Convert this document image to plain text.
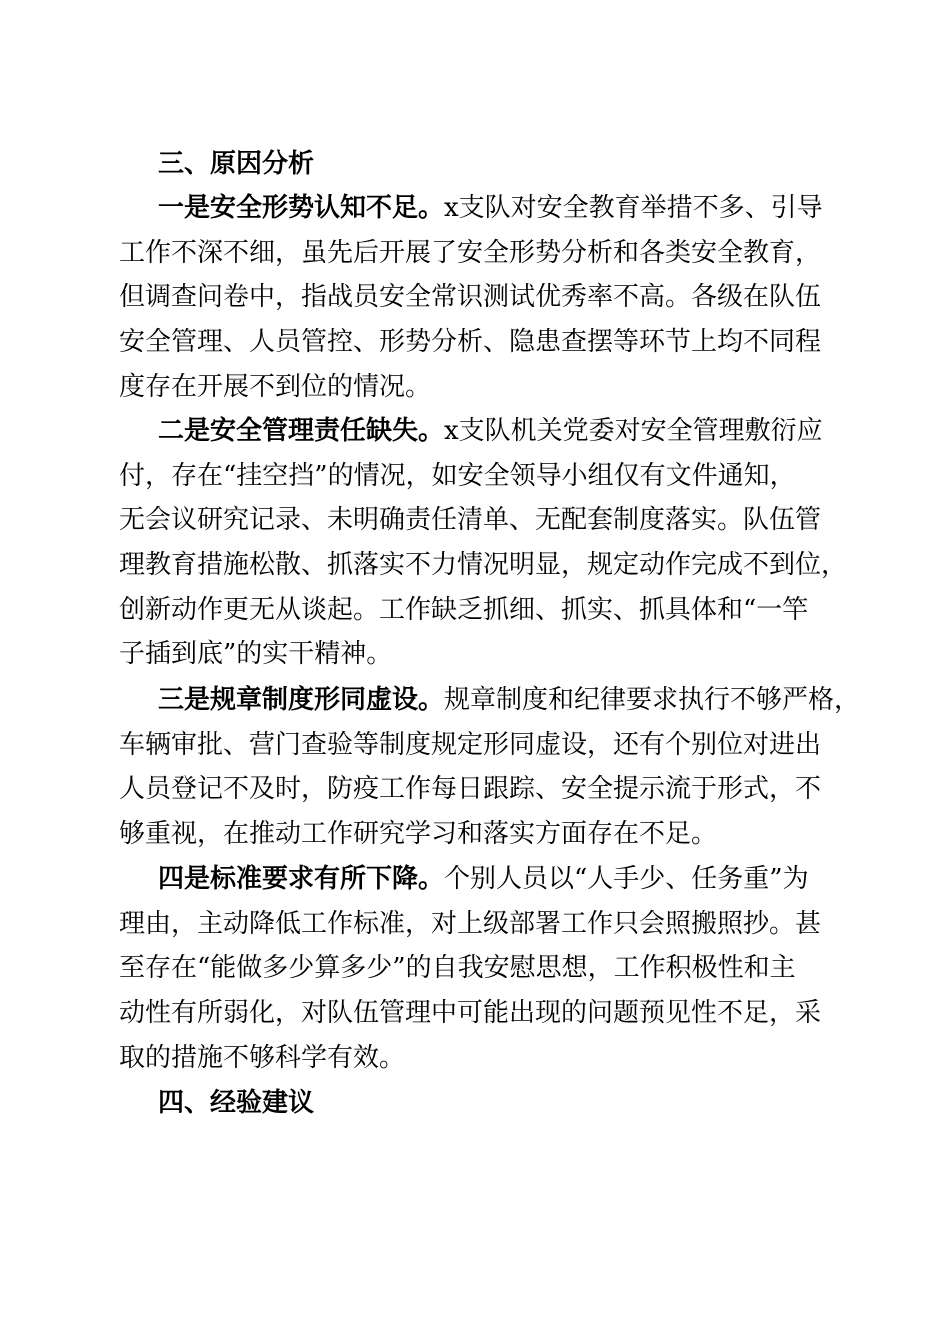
三、原因分析
一是安全形势认知不足。x支队对安全教育举措不多、引导
工作不深不细，虽先后开展了安全形势分析和各类安全教育，
但调查问卷中，指战员安全常识测试优秀率不高。各级在队伍
安全管理、人员管控、形势分析、隐患查摆等环节上均不同程
度存在开展不到位的情况。
二是安全管理责任缺失。x支队机关党委对安全管理敷衍应
付，存在“挂空挡”的情况，如安全领导小组仅有文件通知，
无会议研究记录、未明确责任清单、无配套制度落实。队伍管
理教育措施松散、抓落实不力情况明显，规定动作完成不到位，
创新动作更无从谈起。工作缺乏抓细、抓实、抓具体和“一竿
子插到底”的实干精神。
三是规章制度形同虚设。规章制度和纪律要求执行不够严格，
车辆审批、营门查验等制度规定形同虚设，还有个别位对进出
人员登记不及时，防疫工作每日跟踪、安全提示流于形式，不
够重视，在推动工作研究学习和落实方面存在不足。
四是标准要求有所下降。个别人员以“人手少、任务重”为
理由，主动降低工作标准，对上级部署工作只会照搬照抄。甚
至存在“能做多少算多少”的自我安慰思想，工作积极性和主
动性有所弱化，对队伍管理中可能出现的问题预见性不足，采
取的措施不够科学有效。
四、经验建议
